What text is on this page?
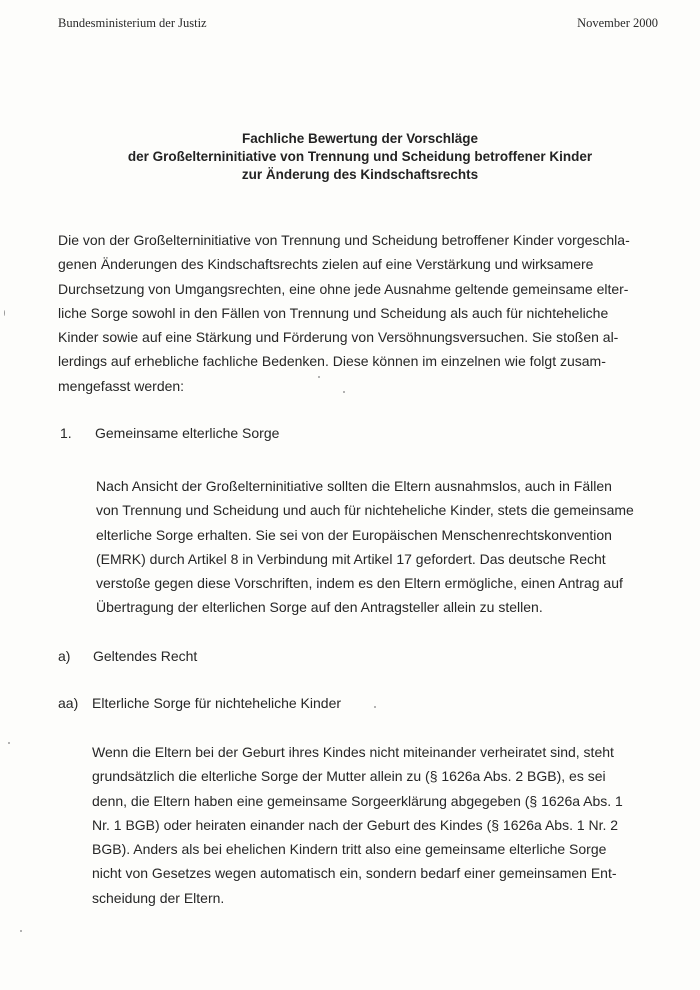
Bundesministerium der Justiz	November 2000
Fachliche Bewertung der Vorschläge
der Großelterninitiative von Trennung und Scheidung betroffener Kinder
zur Änderung des Kindschaftsrechts
Die von der Großelterninitiative von Trennung und Scheidung betroffener Kinder vorgeschla-
genen Änderungen des Kindschaftsrechts zielen auf eine Verstärkung und wirksamere
Durchsetzung von Umgangsrechten, eine ohne jede Ausnahme geltende gemeinsame elter-
liche Sorge sowohl in den Fällen von Trennung und Scheidung als auch für nichteheliche
Kinder sowie auf eine Stärkung und Förderung von Versöhnungsversuchen. Sie stoßen al-
lerdings auf erhebliche fachliche Bedenken. Diese können im einzelnen wie folgt zusam-
mengefasst werden:
1. Gemeinsame elterliche Sorge
Nach Ansicht der Großelterninitiative sollten die Eltern ausnahmslos, auch in Fällen
von Trennung und Scheidung und auch für nichteheliche Kinder, stets die gemeinsame
elterliche Sorge erhalten. Sie sei von der Europäischen Menschenrechtskonvention
(EMRK) durch Artikel 8 in Verbindung mit Artikel 17 gefordert. Das deutsche Recht
verstoße gegen diese Vorschriften, indem es den Eltern ermögliche, einen Antrag auf
Übertragung der elterlichen Sorge auf den Antragsteller allein zu stellen.
a) Geltendes Recht
aa) Elterliche Sorge für nichteheliche Kinder
Wenn die Eltern bei der Geburt ihres Kindes nicht miteinander verheiratet sind, steht
grundsätzlich die elterliche Sorge der Mutter allein zu (§ 1626a Abs. 2 BGB), es sei
denn, die Eltern haben eine gemeinsame Sorgeerklärung abgegeben (§ 1626a Abs. 1
Nr. 1 BGB) oder heiraten einander nach der Geburt des Kindes (§ 1626a Abs. 1 Nr. 2
BGB). Anders als bei ehelichen Kindern tritt also eine gemeinsame elterliche Sorge
nicht von Gesetzes wegen automatisch ein, sondern bedarf einer gemeinsamen Ent-
scheidung der Eltern.
